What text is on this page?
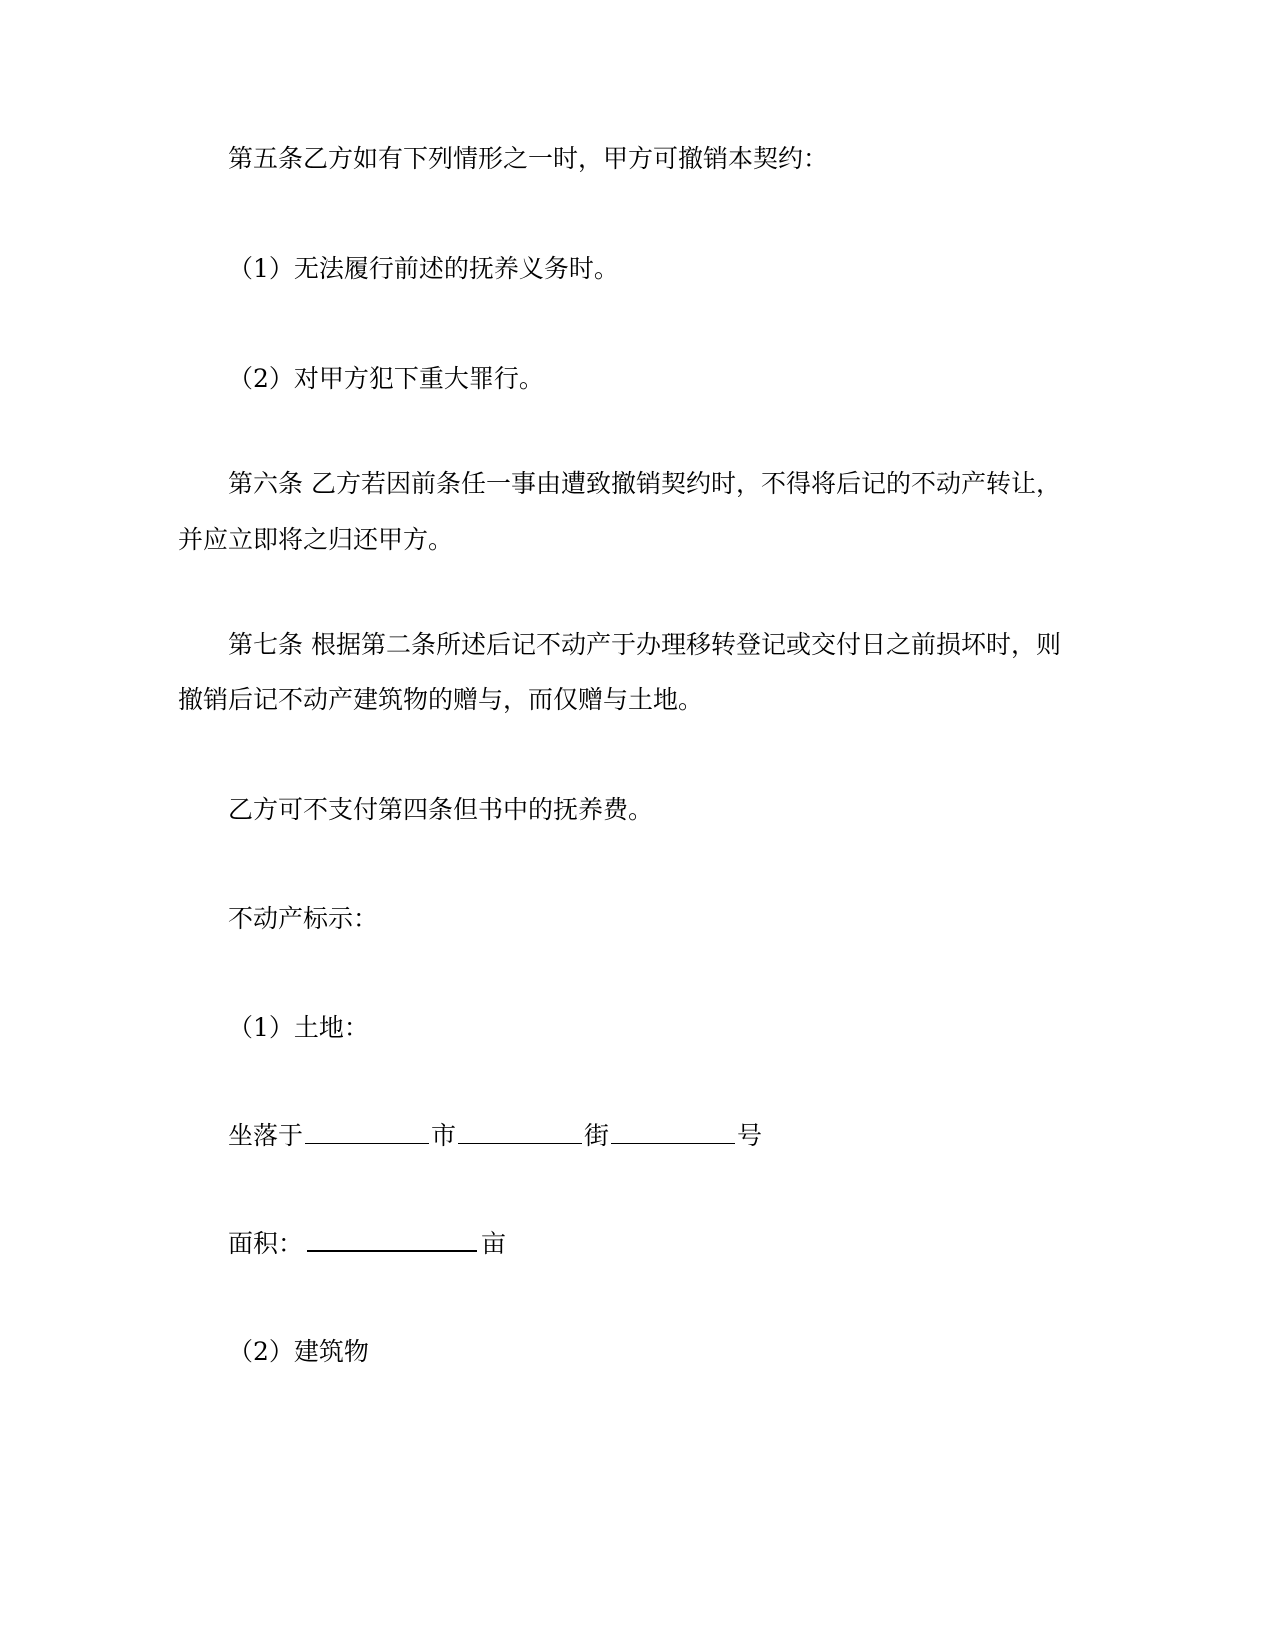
第五条乙方如有下列情形之一时，甲方可撤销本契约：
（1）无法履行前述的抚养义务时。
（2）对甲方犯下重大罪行。
第六条 乙方若因前条任一事由遭致撤销契约时，不得将后记的不动产转让，
并应立即将之归还甲方。
第七条 根据第二条所述后记不动产于办理移转登记或交付日之前损坏时，则
撤销后记不动产建筑物的赠与，而仅赠与土地。
乙方可不支付第四条但书中的抚养费。
不动产标示：
（1）土地：
坐落于	市	街	号
面积：	亩
（2）建筑物
